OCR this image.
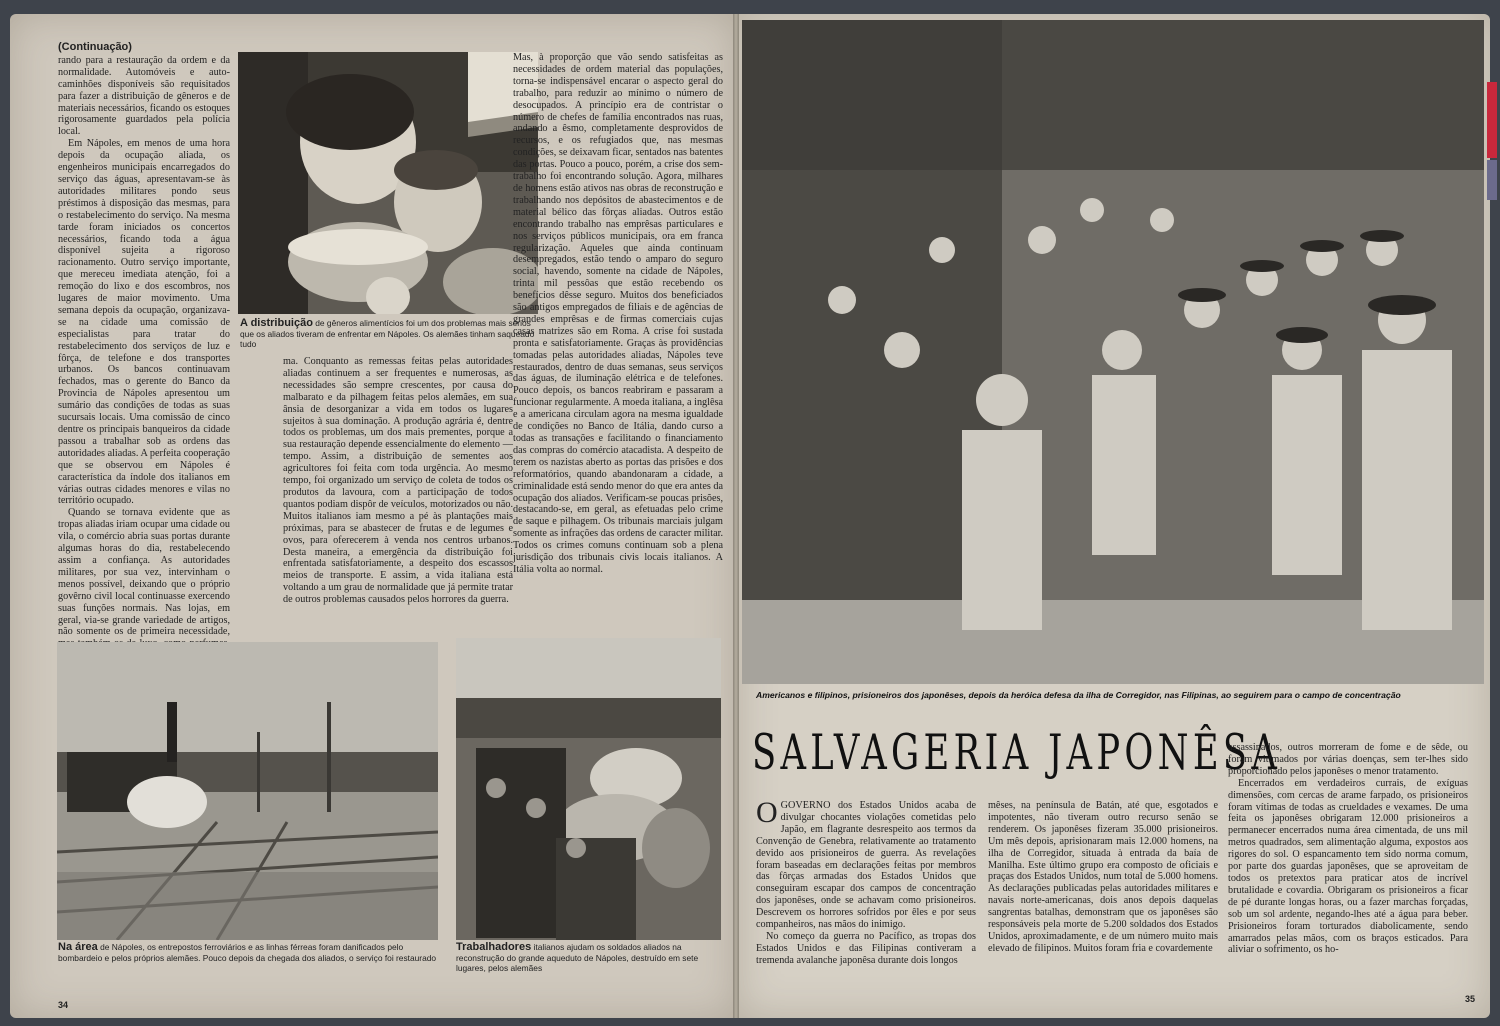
(Continuação)

rando para a restauração da ordem e da normalidade. Automóveis e auto-caminhões disponíveis são requisitados para fazer a distribuição de gêneros e de materiais necessários, ficando os estoques rigorosamente guardados pela polícia local.

Em Nápoles, em menos de uma hora depois da ocupação aliada, os engenheiros municipais encarregados do serviço das águas, apresentavam-se às autoridades militares pondo seus préstimos à disposição das mesmas, para o restabelecimento do serviço. Na mesma tarde foram iniciados os concertos necessários, ficando toda a água disponível sujeita a rigoroso racionamento. Outro serviço importante, que mereceu imediata atenção, foi a remoção do lixo e dos escombros, nos lugares de maior movimento. Uma semana depois da ocupação, organizava-se na cidade uma comissão de especialistas para tratar do restabelecimento dos serviços de luz e fôrça, de telefone e dos transportes urbanos. Os bancos continuavam fechados, mas o gerente do Banco da Provincia de Nápoles apresentou um sumário das condições de todas as suas sucursais locais. Uma comissão de cinco dentre os principais banqueiros da cidade passou a trabalhar sob as ordens das autoridades aliadas. A perfeita cooperação que se observou em Nápoles é característica da índole dos italianos em várias outras cidades menores e vilas no território ocupado.

Quando se tornava evidente que as tropas aliadas iriam ocupar uma cidade ou vila, o comércio abria suas portas durante algumas horas do dia, restabelecendo assim a confiança. As autoridades militares, por sua vez, intervinham o menos possível, deixando que o próprio govêrno civil local continuasse exercendo suas funções normais. Nas lojas, em geral, via-se grande variedade de artigos, não somente os de primeira necessidade,

A distribuição de gêneros alimentícios foi um dos problemas mais sérios que os aliados tiveram de enfrentar em Nápoles. Os alemães tinham saqueado tudo

ma. Conquanto as remessas feitas pelas autoridades aliadas continuem a ser frequentes e numerosas, as necessidades são sempre crescentes, por causa do malbarato e da pilhagem feitas pelos alemães, em sua ânsia de desorganizar a vida em todos os lugares sujeitos à sua dominação. A produção agrária é, dentre todos os problemas, um dos mais prementes, porque a sua restauração depende essencialmente do elemento — tempo. Assim, a distribuição de sementes aos agricultores foi feita com toda urgência. Ao mesmo tempo, foi organizado um serviço de coleta de todos os produtos da lavoura, com a participação de todos quantos podiam dispôr de veículos, motorizados ou não. Muitos italianos iam mesmo a pé às plantações mais próximas, para se abastecer de frutas e de legumes e ovos, para oferecerem à venda nos centros urbanos. Desta maneira, a emergência da distribuição foi enfrentada satisfatoriamente, a despeito dos escassos meios de transporte. E assim, a vida italiana está voltando a um grau de normalidade que já permite tratar de outros problemas causados pelos horrores da guerra.

Mas, à proporção que vão sendo satisfeitas as necessidades de ordem material das populações, torna-se indispensável encarar o aspecto geral do trabalho, para reduzir ao mínimo o número de desocupados. A princípio era de contristar o número de chefes de família encontrados nas ruas, andando a êsmo, completamente desprovidos de recursos, e os refugiados que, nas mesmas condições, se deixavam ficar, sentados nas batentes das portas. Pouco a pouco, porém, a crise dos sem-trabalho foi encontrando solução. Agora, milhares de homens estão ativos nas obras de reconstrução e trabalhando nos depósitos de abastecimentos e de material bélico das fôrças aliadas. Outros estão encontrando trabalho nas emprêsas particulares e nos serviços públicos municipais, ora em franca regularização. Aqueles que ainda continuam desempregados, estão tendo o amparo do seguro social, havendo, somente na cidade de Nápoles, trinta mil pessôas que estão recebendo os benefícios dêsse seguro. Muitos dos beneficiados são antigos empregados de filiais e de agências de grandes emprêsas e de firmas comerciais cujas casas matrizes são em Roma. A crise foi sustada pronta e satisfatoriamente. Graças às providências tomadas pelas autoridades aliadas, Nápoles teve restaurados, dentro de duas semanas, seus serviços das águas, de iluminação elétrica e de telefones. Pouco depois, os bancos reabriram e passaram a funcionar regularmente. A moeda italiana, a inglêsa e a americana circulam agora na mesma igualdade de condições no Banco de Itália, dando curso a todas as transações e facilitando o financiamento das compras do comércio atacadista. A despeito de terem os nazistas aberto as portas das prisões e dos reformatórios, quando abandonaram a cidade, a criminalidade está sendo menor do que era antes da ocupação dos aliados. Verificam-se poucas prisões, destacando-se, em geral, as efetuadas pelo crime de saque e pilhagem. Os tribunais marciais julgam somente as infrações das ordens de caracter militar. Todos os crimes comuns continuam sob a plena jurisdição dos tribunais civis locais italianos. A Itália volta ao normal.

Na área de Nápoles, os entrepostos ferroviários e as linhas férreas foram danificados pelo bombardeio e pelos próprios alemães. Pouco depois da chegada dos aliados, o serviço foi restaurado
Trabalhadores italianos ajudam os soldados aliados na reconstrução do grande aqueduto de Nápoles, destruído em sete lugares, pelos alemães
34
Americanos e filipinos, prisioneiros dos japonêses, depois da heróica defesa da ilha de Corregidor, nas Filipinas, ao seguirem para o campo de concentração
SALVAGERIA JAPONÊSA

OGOVERNO dos Estados Unidos acaba de divulgar chocantes violações cometidas pelo Japão, em flagrante desrespeito aos termos da Convenção de Genebra, relativamente ao tratamento devido aos prisioneiros de guerra. As revelações foram baseadas em declarações feitas por membros das fôrças armadas dos Estados Unidos que conseguiram escapar dos campos de concentração dos japonêses, onde se achavam como prisioneiros. Descrevem os horrores sofridos por êles e por seus companheiros, nas mãos do inimigo.

No começo da guerra no Pacífico, as tropas dos Estados Unidos e das Filipinas contiveram a tremenda avalanche japonêsa durante dois longos

mêses, na península de Batán, até que, esgotados e impotentes, não tiveram outro recurso senão se renderem. Os japonêses fizeram 35.000 prisioneiros. Um mês depois, aprisionaram mais 12.000 homens, na ilha de Corregidor, situada à entrada da baía de Manilha. Este último grupo era composto de oficiais e praças dos Estados Unidos, num total de 5.000 homens. As declarações publicadas pelas autoridades militares e navais norte-americanas, dois anos depois daquelas sangrentas batalhas, demonstram que os japonêses são responsáveis pela morte de 5.200 soldados dos Estados Unidos, aproximadamente, e de um número muito mais elevado de filipinos. Muitos foram fria e covardemente

assassinados, outros morreram de fome e de sêde, ou foram vitimados por várias doenças, sem ter-lhes sido proporcionado pelos japonêses o menor tratamento.

Encerrados em verdadeiros currais, de exíguas dimensões, com cercas de arame farpado, os prisioneiros foram vítimas de todas as crueldades e vexames. De uma feita os japonêses obrigaram 12.000 prisioneiros a permanecer encerrados numa área cimentada, de uns mil metros quadrados, sem alimentação alguma, expostos aos rigores do sol. O espancamento tem sido norma comum, por parte dos guardas japonêses, que se aproveitam de todos os pretextos para praticar atos de incrível brutalidade e covardia. Obrigaram os prisioneiros a ficar de pé durante longas horas, ou a fazer marchas forçadas, sob um sol ardente, negando-lhes até a água para beber. Prisioneiros foram torturados diabolicamente, sendo amarrados pelas mãos, com os braços esticados. Para aliviar o sofrimento, os ho-

35
